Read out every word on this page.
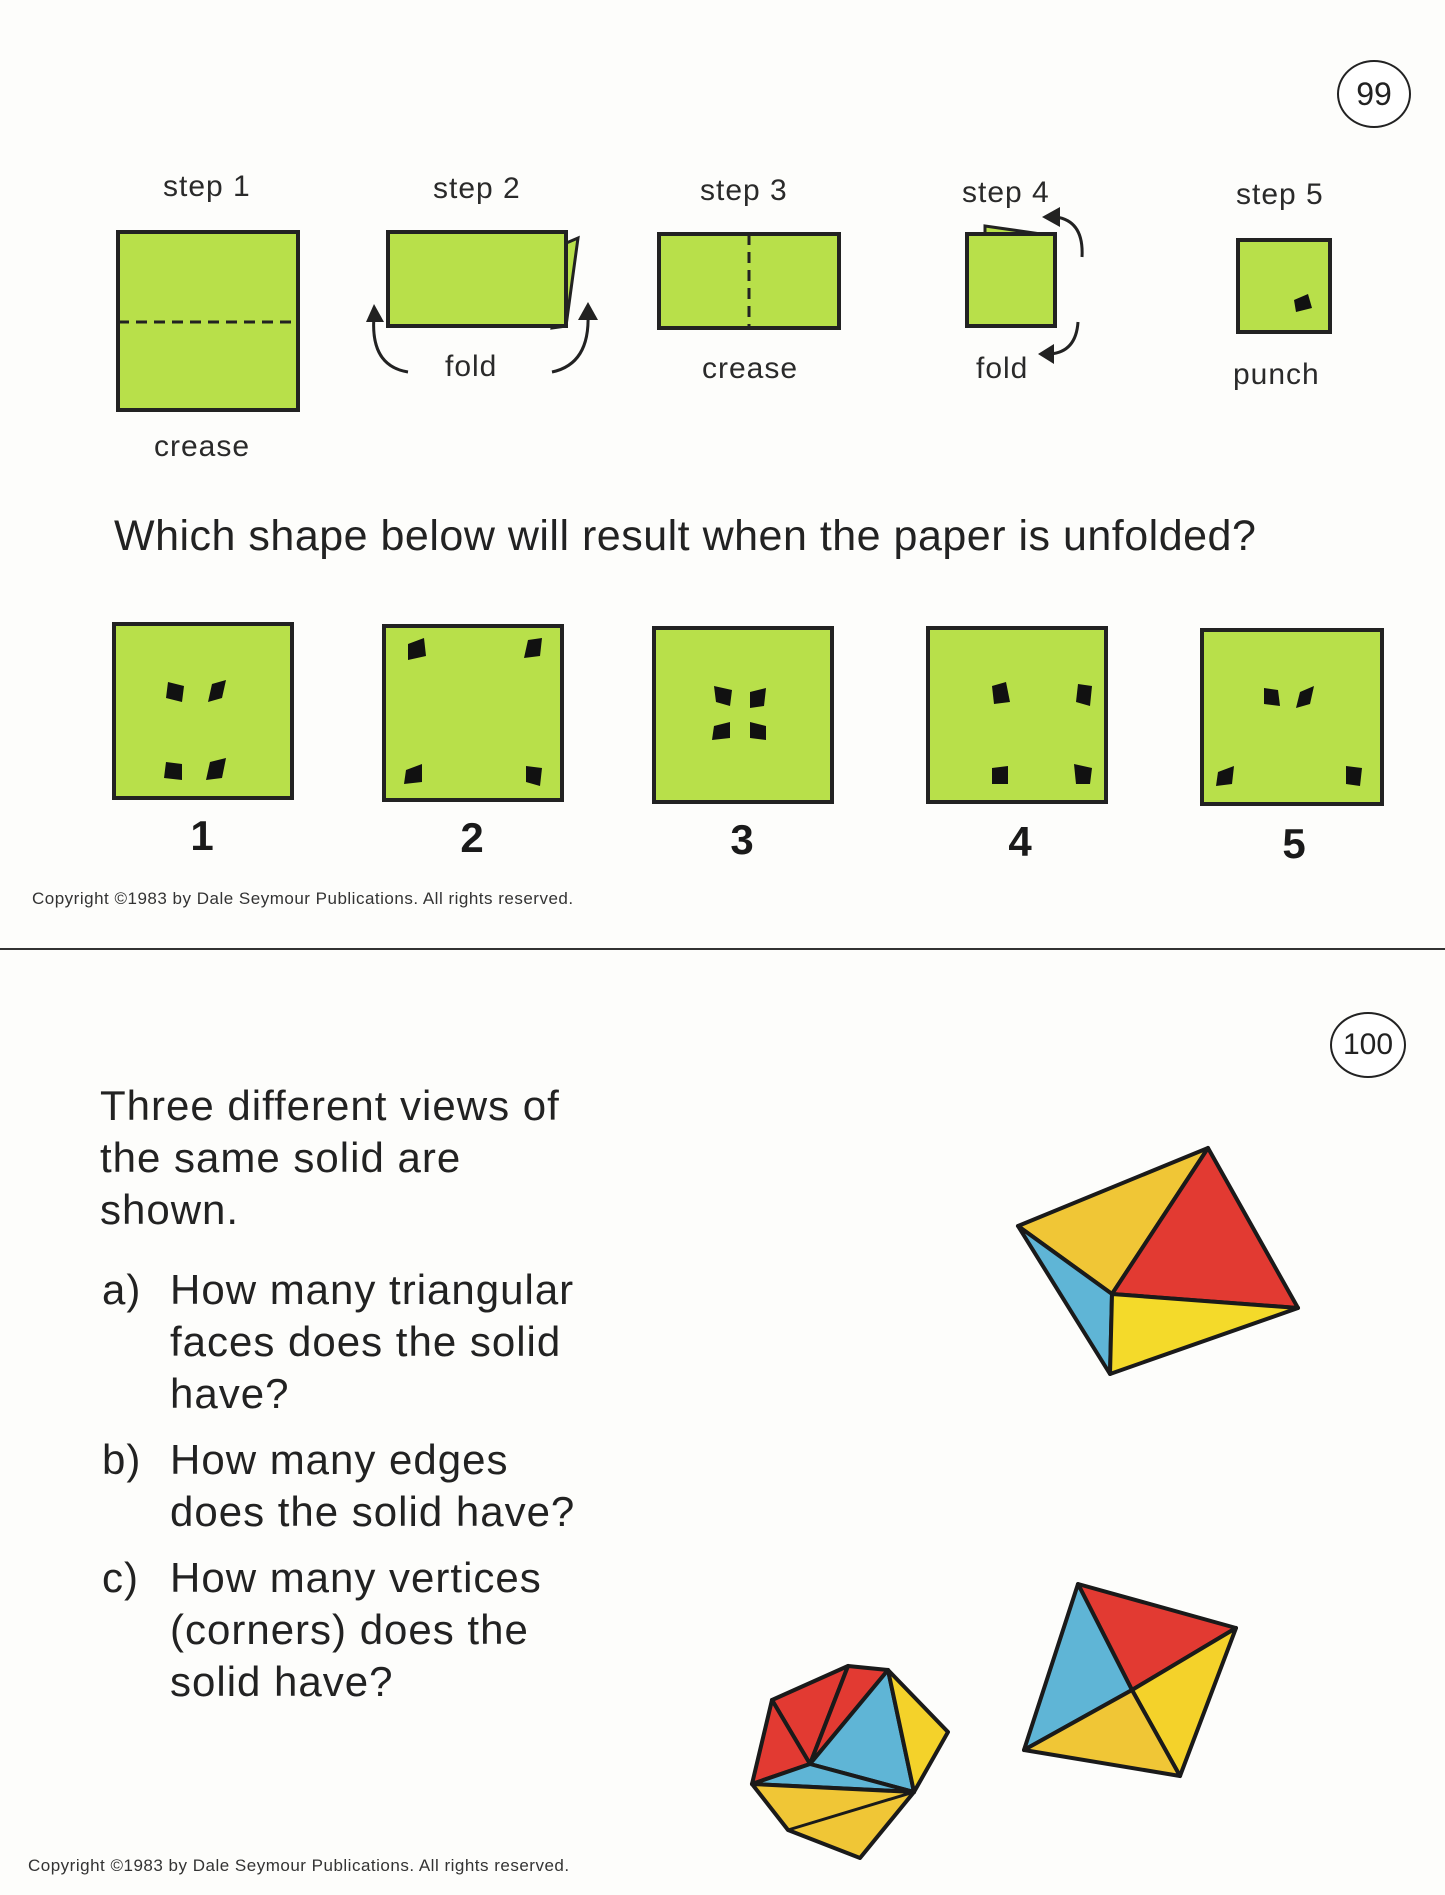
99
step 1	step 2	step 3	step 4	step 5
crease
fold	crease	fold	punch
Which shape below will result when the paper is unfolded?
1	2	3	4	5
Copyright ©1983 by Dale Seymour Publications. All rights reserved.
100
Three different views of
the same solid are
shown.
a) How many triangular
faces does the solid
have?
b) How many edges
does the solid have?
c) How many vertices
(corners) does the
solid have?
Copyright ©1983 by Dale Seymour Publications. All rights reserved.
